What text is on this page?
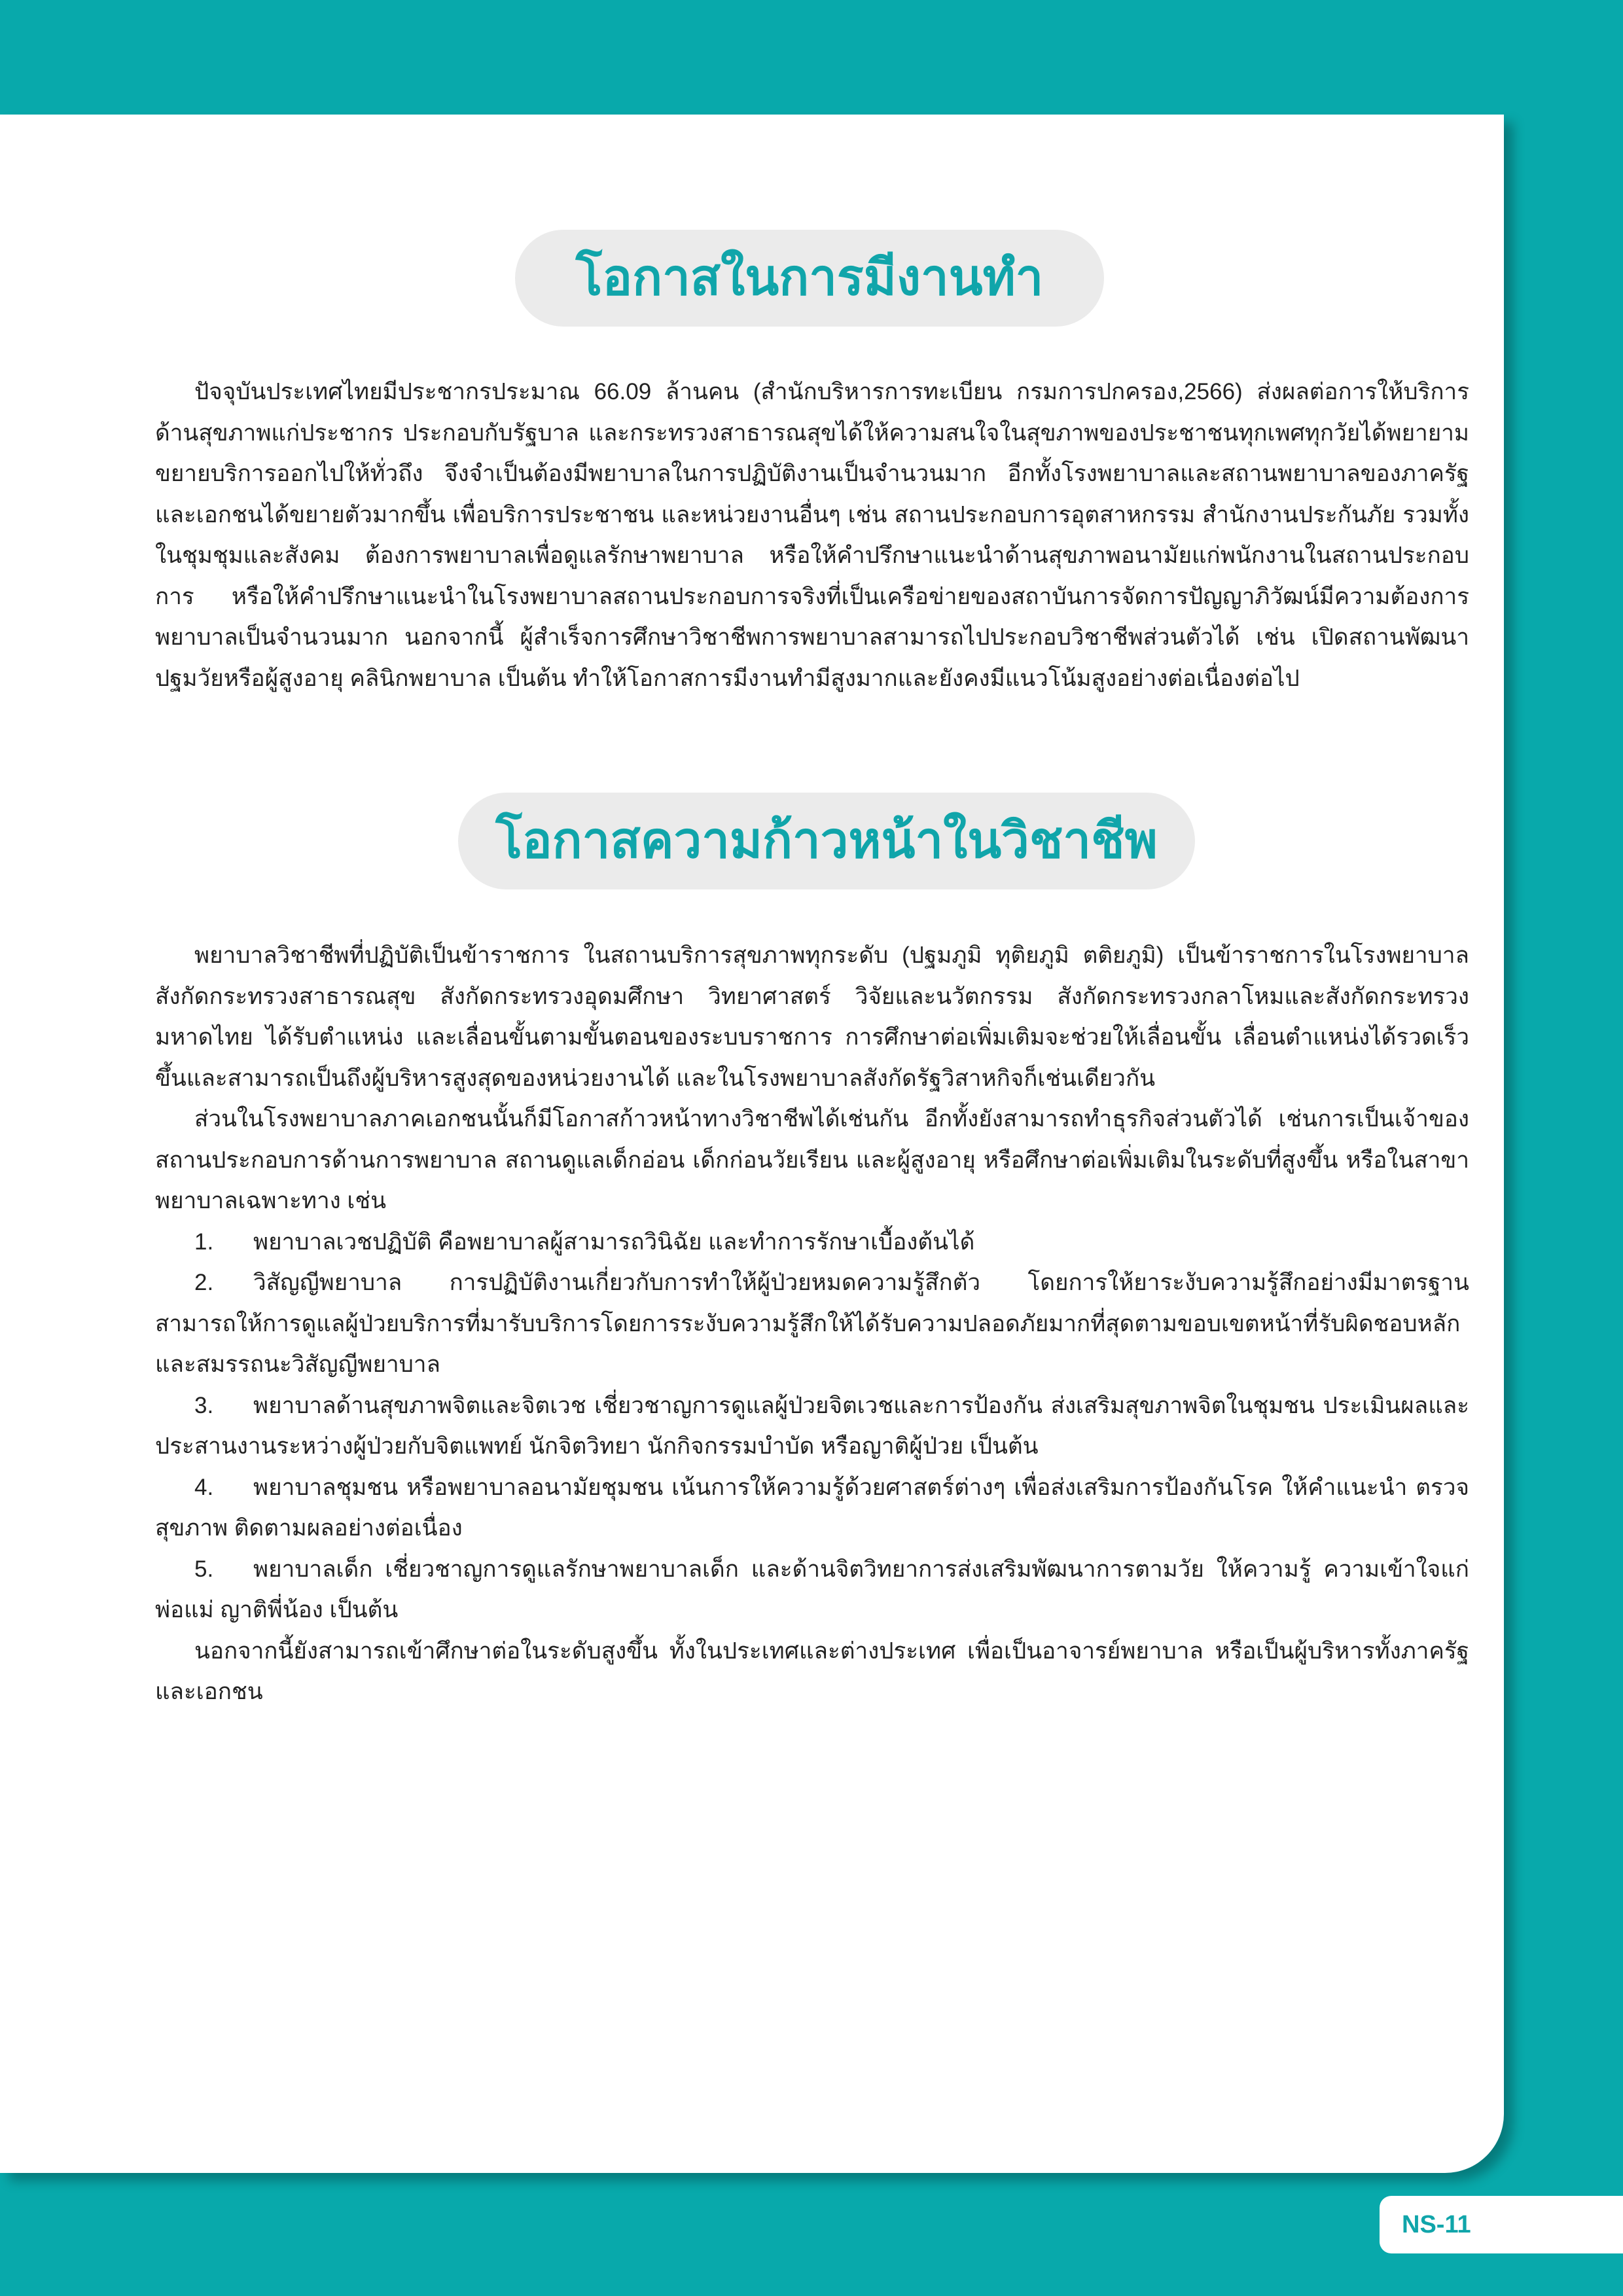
โอกาสในการมีงานทำ

ปัจจุบันประเทศไทยมีประชากรประมาณ 66.09 ล้านคน (สำนักบริหารการทะเบียน กรมการปกครอง,2566) ส่งผลต่อการให้บริการด้านสุขภาพแก่ประชากร ประกอบกับรัฐบาล และกระทรวงสาธารณสุขได้ให้ความสนใจในสุขภาพของประชาชนทุกเพศทุกวัยได้พยายามขยายบริการออกไปให้ทั่วถึง จึงจำเป็นต้องมีพยาบาลในการปฏิบัติงานเป็นจำนวนมาก อีกทั้งโรงพยาบาลและสถานพยาบาลของภาครัฐและเอกชนได้ขยายตัวมากขึ้น เพื่อบริการประชาชน และหน่วยงานอื่นๆ เช่น สถานประกอบการอุตสาหกรรม สำนักงานประกันภัย รวมทั้งในชุมชุมและสังคม ต้องการพยาบาลเพื่อดูแลรักษาพยาบาล หรือให้คำปรึกษาแนะนำด้านสุขภาพอนามัยแก่พนักงานในสถานประกอบการ หรือให้คำปรึกษาแนะนำในโรงพยาบาลสถานประกอบการจริงที่เป็นเครือข่ายของสถาบันการจัดการปัญญาภิวัฒน์มีความต้องการพยาบาลเป็นจำนวนมาก นอกจากนี้ ผู้สำเร็จการศึกษาวิชาชีพการพยาบาลสามารถไปประกอบวิชาชีพส่วนตัวได้ เช่น เปิดสถานพัฒนาปฐมวัยหรือผู้สูงอายุ คลินิกพยาบาล เป็นต้น ทำให้โอกาสการมีงานทำมีสูงมากและยังคงมีแนวโน้มสูงอย่างต่อเนื่องต่อไป

โอกาสความก้าวหน้าในวิชาชีพ

พยาบาลวิชาชีพที่ปฏิบัติเป็นข้าราชการ ในสถานบริการสุขภาพทุกระดับ (ปฐมภูมิ ทุติยภูมิ ตติยภูมิ) เป็นข้าราชการในโรงพยาบาลสังกัดกระทรวงสาธารณสุข สังกัดกระทรวงอุดมศึกษา วิทยาศาสตร์ วิจัยและนวัตกรรม สังกัดกระทรวงกลาโหมและสังกัดกระทรวงมหาดไทย ได้รับตำแหน่ง และเลื่อนขั้นตามขั้นตอนของระบบราชการ การศึกษาต่อเพิ่มเติมจะช่วยให้เลื่อนขั้น เลื่อนตำแหน่งได้รวดเร็วขึ้นและสามารถเป็นถึงผู้บริหารสูงสุดของหน่วยงานได้ และในโรงพยาบาลสังกัดรัฐวิสาหกิจก็เช่นเดียวกัน

ส่วนในโรงพยาบาลภาคเอกชนนั้นก็มีโอกาสก้าวหน้าทางวิชาชีพได้เช่นกัน อีกทั้งยังสามารถทำธุรกิจส่วนตัวได้ เช่นการเป็นเจ้าของสถานประกอบการด้านการพยาบาล สถานดูแลเด็กอ่อน เด็กก่อนวัยเรียน และผู้สูงอายุ หรือศึกษาต่อเพิ่มเติมในระดับที่สูงขึ้น หรือในสาขาพยาบาลเฉพาะทาง เช่น

1. พยาบาลเวชปฏิบัติ คือพยาบาลผู้สามารถวินิฉัย และทำการรักษาเบื้องต้นได้

2. วิสัญญีพยาบาล การปฏิบัติงานเกี่ยวกับการทำให้ผู้ป่วยหมดความรู้สึกตัว โดยการให้ยาระงับความรู้สึกอย่างมีมาตรฐาน สามารถให้การดูแลผู้ป่วยบริการที่มารับบริการโดยการระงับความรู้สึกให้ได้รับความปลอดภัยมากที่สุดตามขอบเขตหน้าที่รับผิดชอบหลักและสมรรถนะวิสัญญีพยาบาล

3. พยาบาลด้านสุขภาพจิตและจิตเวช เชี่ยวชาญการดูแลผู้ป่วยจิตเวชและการป้องกัน ส่งเสริมสุขภาพจิตในชุมชน ประเมินผลและประสานงานระหว่างผู้ป่วยกับจิตแพทย์ นักจิตวิทยา นักกิจกรรมบำบัด หรือญาติผู้ป่วย เป็นต้น

4. พยาบาลชุมชน หรือพยาบาลอนามัยชุมชน เน้นการให้ความรู้ด้วยศาสตร์ต่างๆ เพื่อส่งเสริมการป้องกันโรค ให้คำแนะนำ ตรวจสุขภาพ ติดตามผลอย่างต่อเนื่อง

5. พยาบาลเด็ก เชี่ยวชาญการดูแลรักษาพยาบาลเด็ก และด้านจิตวิทยาการส่งเสริมพัฒนาการตามวัย ให้ความรู้ ความเข้าใจแก่พ่อแม่ ญาติพี่น้อง เป็นต้น

นอกจากนี้ยังสามารถเข้าศึกษาต่อในระดับสูงขึ้น ทั้งในประเทศและต่างประเทศ เพื่อเป็นอาจารย์พยาบาล หรือเป็นผู้บริหารทั้งภาครัฐและเอกชน

NS-11
